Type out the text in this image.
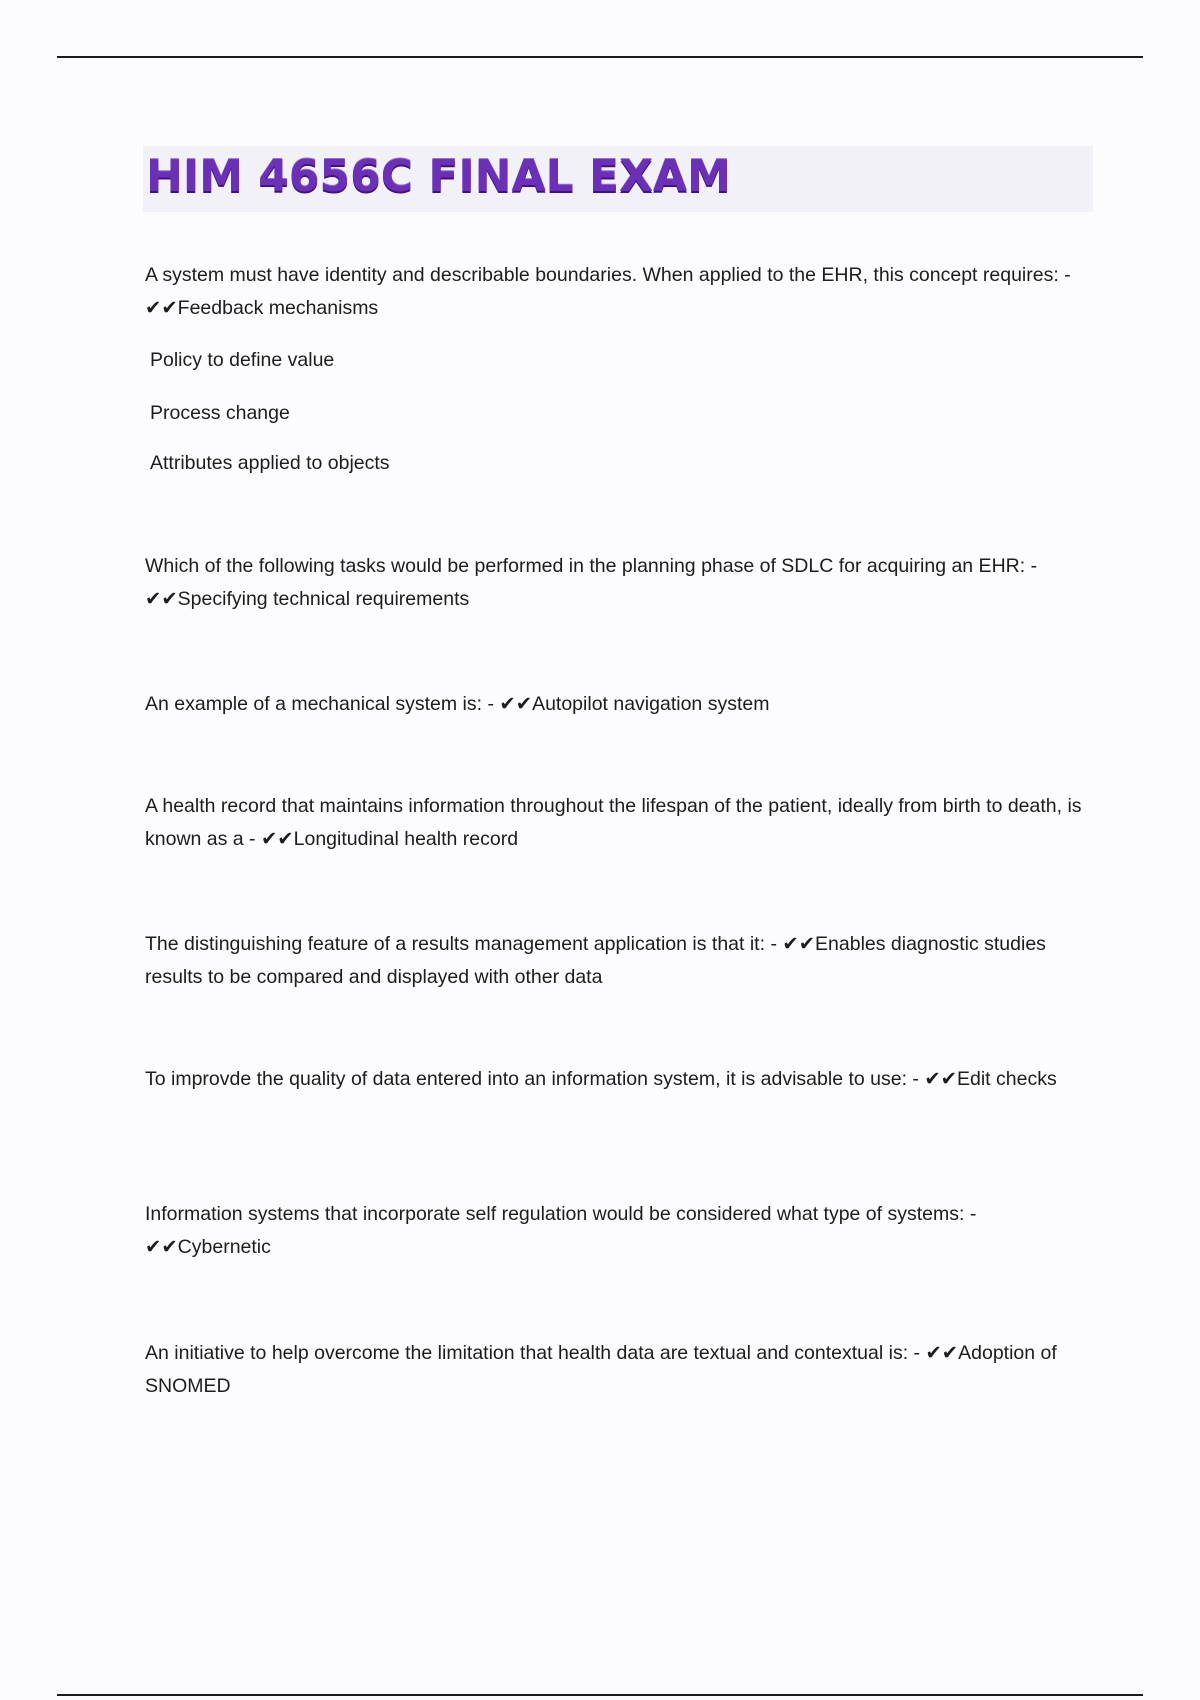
HIM 4656C FINAL EXAM

A system must have identity and describable boundaries. When applied to the EHR, this concept requires: - ✔✔Feedback mechanisms

Policy to define value

Process change

Attributes applied to objects

Which of the following tasks would be performed in the planning phase of SDLC for acquiring an EHR: - ✔✔Specifying technical requirements

An example of a mechanical system is: - ✔✔Autopilot navigation system

A health record that maintains information throughout the lifespan of the patient, ideally from birth to death, is known as a - ✔✔Longitudinal health record

The distinguishing feature of a results management application is that it: - ✔✔Enables diagnostic studies results to be compared and displayed with other data

To improvde the quality of data entered into an information system, it is advisable to use: - ✔✔Edit checks

Information systems that incorporate self regulation would be considered what type of systems: - ✔✔Cybernetic

An initiative to help overcome the limitation that health data are textual and contextual is: - ✔✔Adoption of SNOMED
